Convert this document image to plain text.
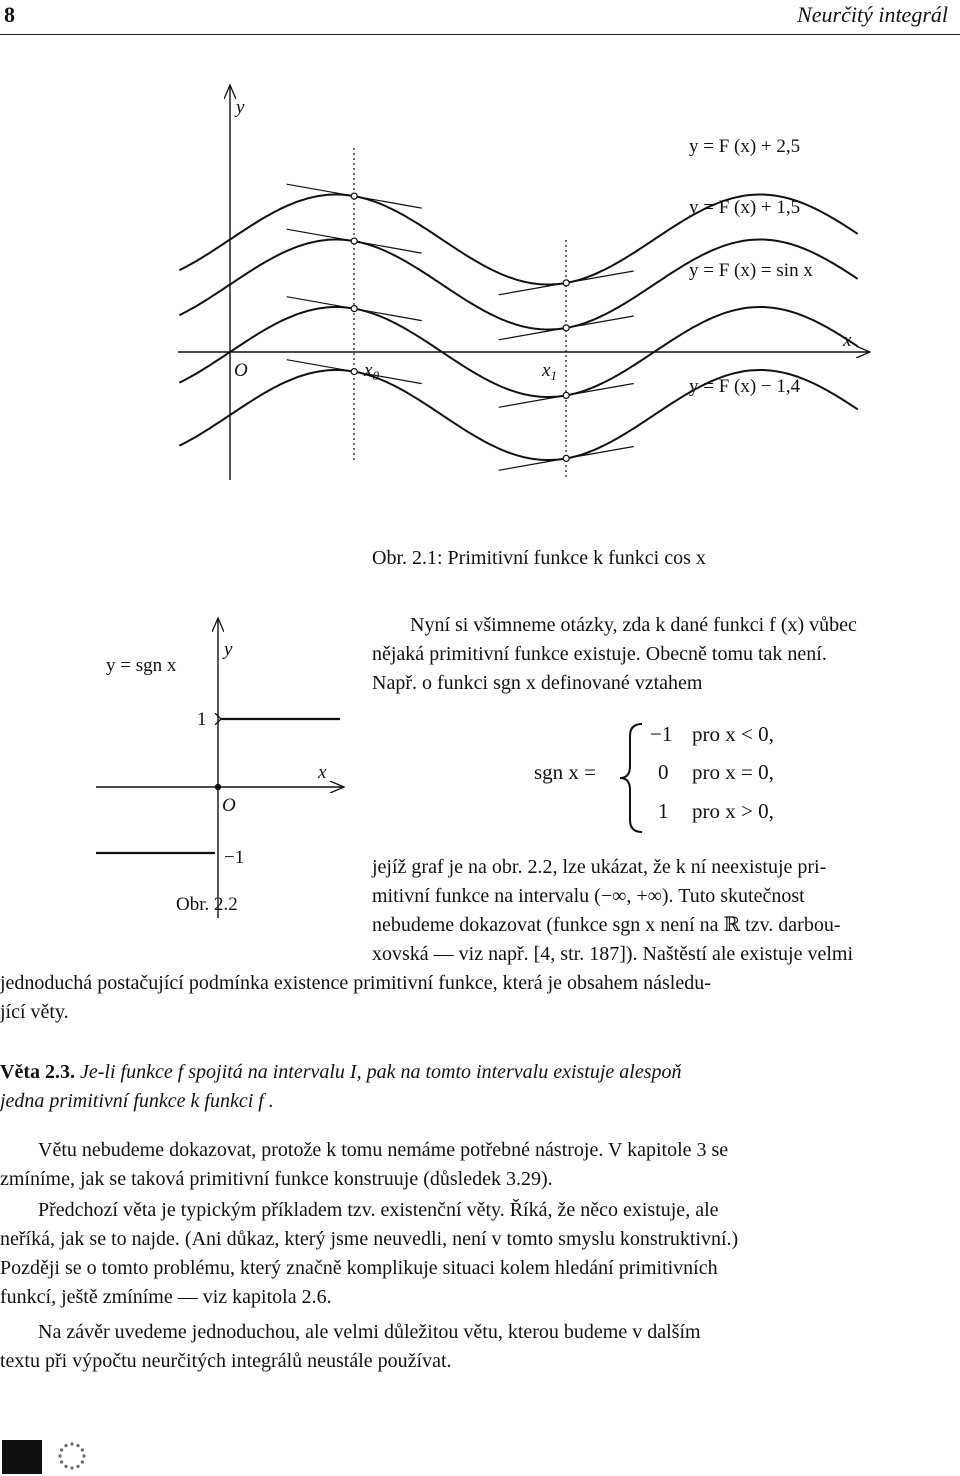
8	Neurčitý integrál
y = F (x) + 2,5
y = F (x) + 1,5
y = F (x) = sin x
y = F (x) − 1,4
y
x
O	$x_0$	$x_1$
Obr. 2.1: Primitivní funkce k funkci cos x
y = sgn x
y
x
O
1
−1
Obr. 2.2
Nyní si všimneme otázky, zda k dané funkci f (x) vůbec
nějaká primitivní funkce existuje. Obecně tomu tak není.
Např. o funkci sgn x definované vztahem
sgn x =
−1 pro x < 0,
0 pro x = 0,
1 pro x > 0,
jejíž graf je na obr. 2.2, lze ukázat, že k ní neexistuje pri-
mitivní funkce na intervalu (−∞, +∞). Tuto skutečnost
nebudeme dokazovat (funkce sgn x není na ℝ tzv. darbou-
xovská — viz např. [4, str. 187]). Naštěstí ale existuje velmi
jednoduchá postačující podmínka existence primitivní funkce, která je obsahem následu-
jící věty.
Věta 2.3. Je-li funkce f spojitá na intervalu I, pak na tomto intervalu existuje alespoň
jedna primitivní funkce k funkci f .
Větu nebudeme dokazovat, protože k tomu nemáme potřebné nástroje. V kapitole 3 se
zmíníme, jak se taková primitivní funkce konstruuje (důsledek 3.29).
Předchozí věta je typickým příkladem tzv. existenční věty. Říká, že něco existuje, ale
neříká, jak se to najde. (Ani důkaz, který jsme neuvedli, není v tomto smyslu konstruktivní.)
Později se o tomto problému, který značně komplikuje situaci kolem hledání primitivních
funkcí, ještě zmíníme — viz kapitola 2.6.
Na závěr uvedeme jednoduchou, ale velmi důležitou větu, kterou budeme v dalším
textu při výpočtu neurčitých integrálů neustále používat.
